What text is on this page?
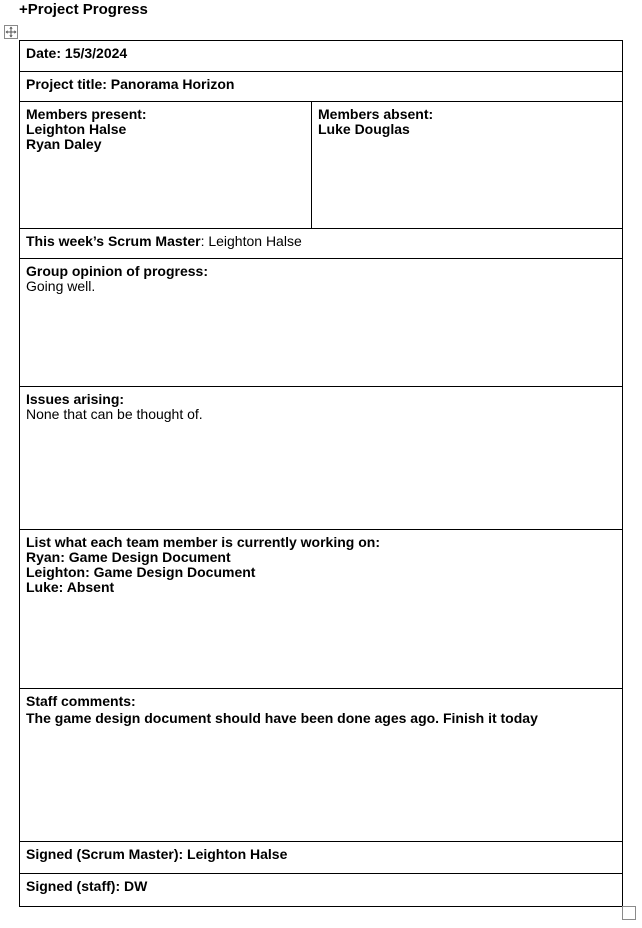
+Project Progress
Date: 15/3/2024
Project title: Panorama Horizon

Members present:
Leighton Halse
Ryan Daley

Members absent:
Luke Douglas

This week’s Scrum Master: Leighton Halse

Group opinion of progress:
Going well.

Issues arising:
None that can be thought of.

List what each team member is currently working on:
Ryan: Game Design Document
Leighton: Game Design Document
Luke: Absent

Staff comments:
The game design document should have been done ages ago. Finish it today

Signed (Scrum Master): Leighton Halse
Signed (staff): DW
